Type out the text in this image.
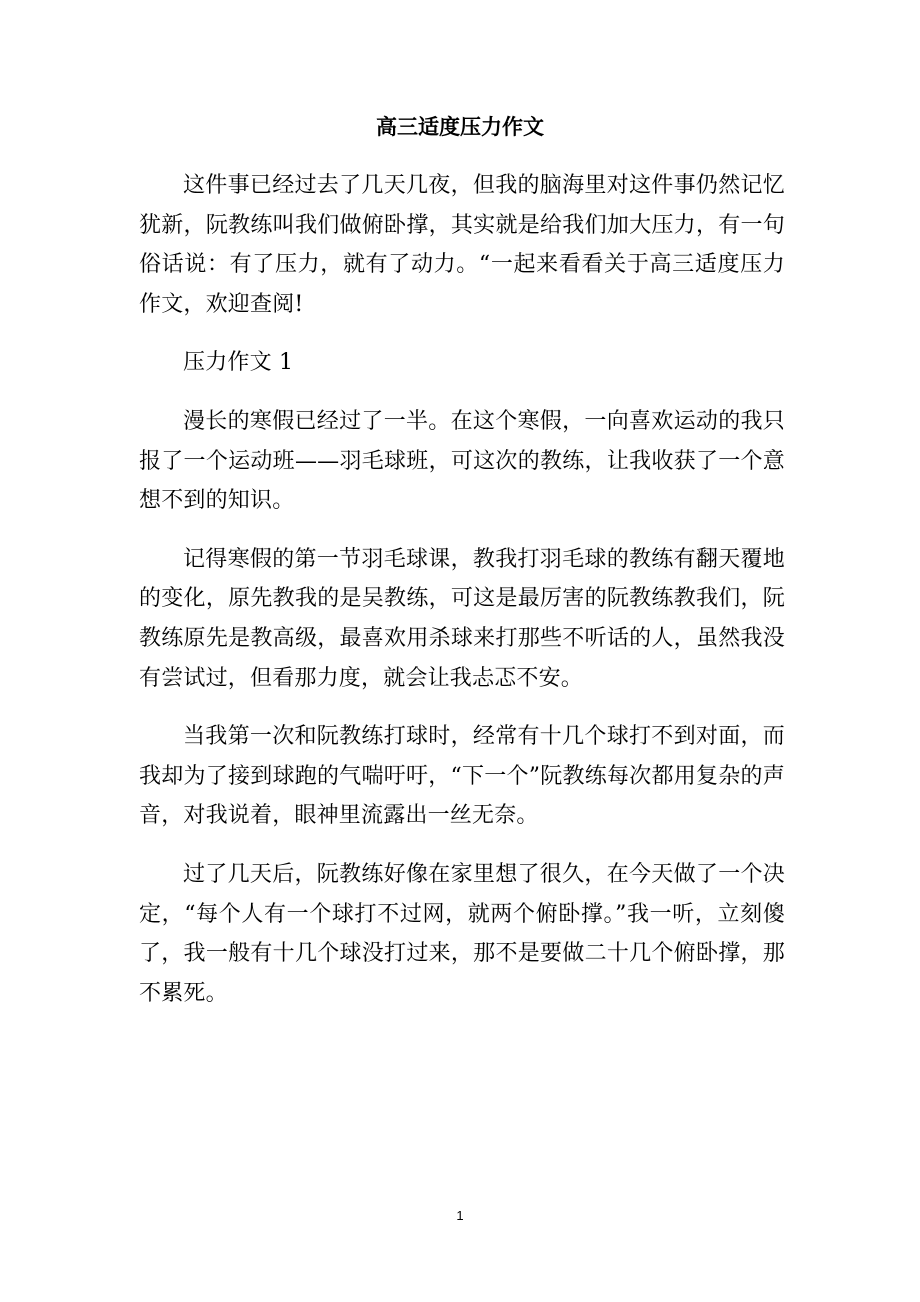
高三适度压力作文

这件事已经过去了几天几夜，但我的脑海里对这件事仍然记忆犹新，阮教练叫我们做俯卧撑，其实就是给我们加大压力，有一句俗话说：有了压力，就有了动力。“一起来看看关于高三适度压力作文，欢迎查阅!

压力作文 1

漫长的寒假已经过了一半。在这个寒假，一向喜欢运动的我只报了一个运动班——羽毛球班，可这次的教练，让我收获了一个意想不到的知识。

记得寒假的第一节羽毛球课，教我打羽毛球的教练有翻天覆地的变化，原先教我的是吴教练，可这是最厉害的阮教练教我们，阮教练原先是教高级，最喜欢用杀球来打那些不听话的人，虽然我没有尝试过，但看那力度，就会让我忐忑不安。

当我第一次和阮教练打球时，经常有十几个球打不到对面，而我却为了接到球跑的气喘吁吁，“下一个”阮教练每次都用复杂的声音，对我说着，眼神里流露出一丝无奈。

过了几天后，阮教练好像在家里想了很久，在今天做了一个决定，“每个人有一个球打不过网，就两个俯卧撑。”我一听，立刻傻了，我一般有十几个球没打过来，那不是要做二十几个俯卧撑，那不累死。

1
